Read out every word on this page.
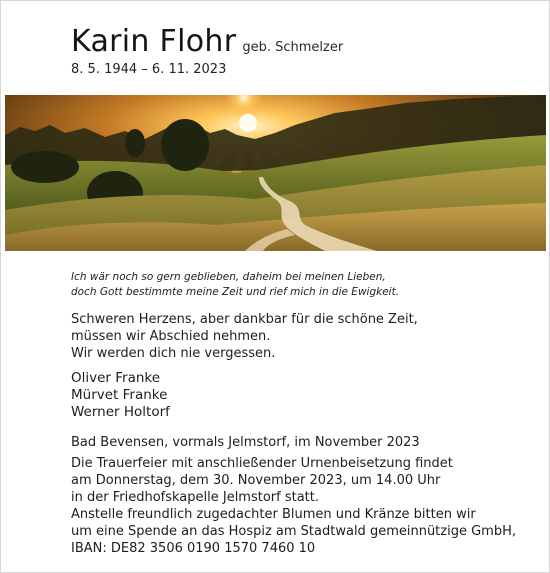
Karin Flohr geb. Schmelzer
8. 5. 1944 – 6. 11. 2023
Ich wär noch so gern geblieben, daheim bei meinen Lieben,
doch Gott bestimmte meine Zeit und rief mich in die Ewigkeit.
Schweren Herzens, aber dankbar für die schöne Zeit,
müssen wir Abschied nehmen.
Wir werden dich nie vergessen.
Oliver Franke
Mürvet Franke
Werner Holtorf
Bad Bevensen, vormals Jelmstorf, im November 2023
Die Trauerfeier mit anschließender Urnenbeisetzung findet
am Donnerstag, dem 30. November 2023, um 14.00 Uhr
in der Friedhofskapelle Jelmstorf statt.
Anstelle freundlich zugedachter Blumen und Kränze bitten wir
um eine Spende an das Hospiz am Stadtwald gemeinnützige GmbH,
IBAN: DE82 3506 0190 1570 7460 10
